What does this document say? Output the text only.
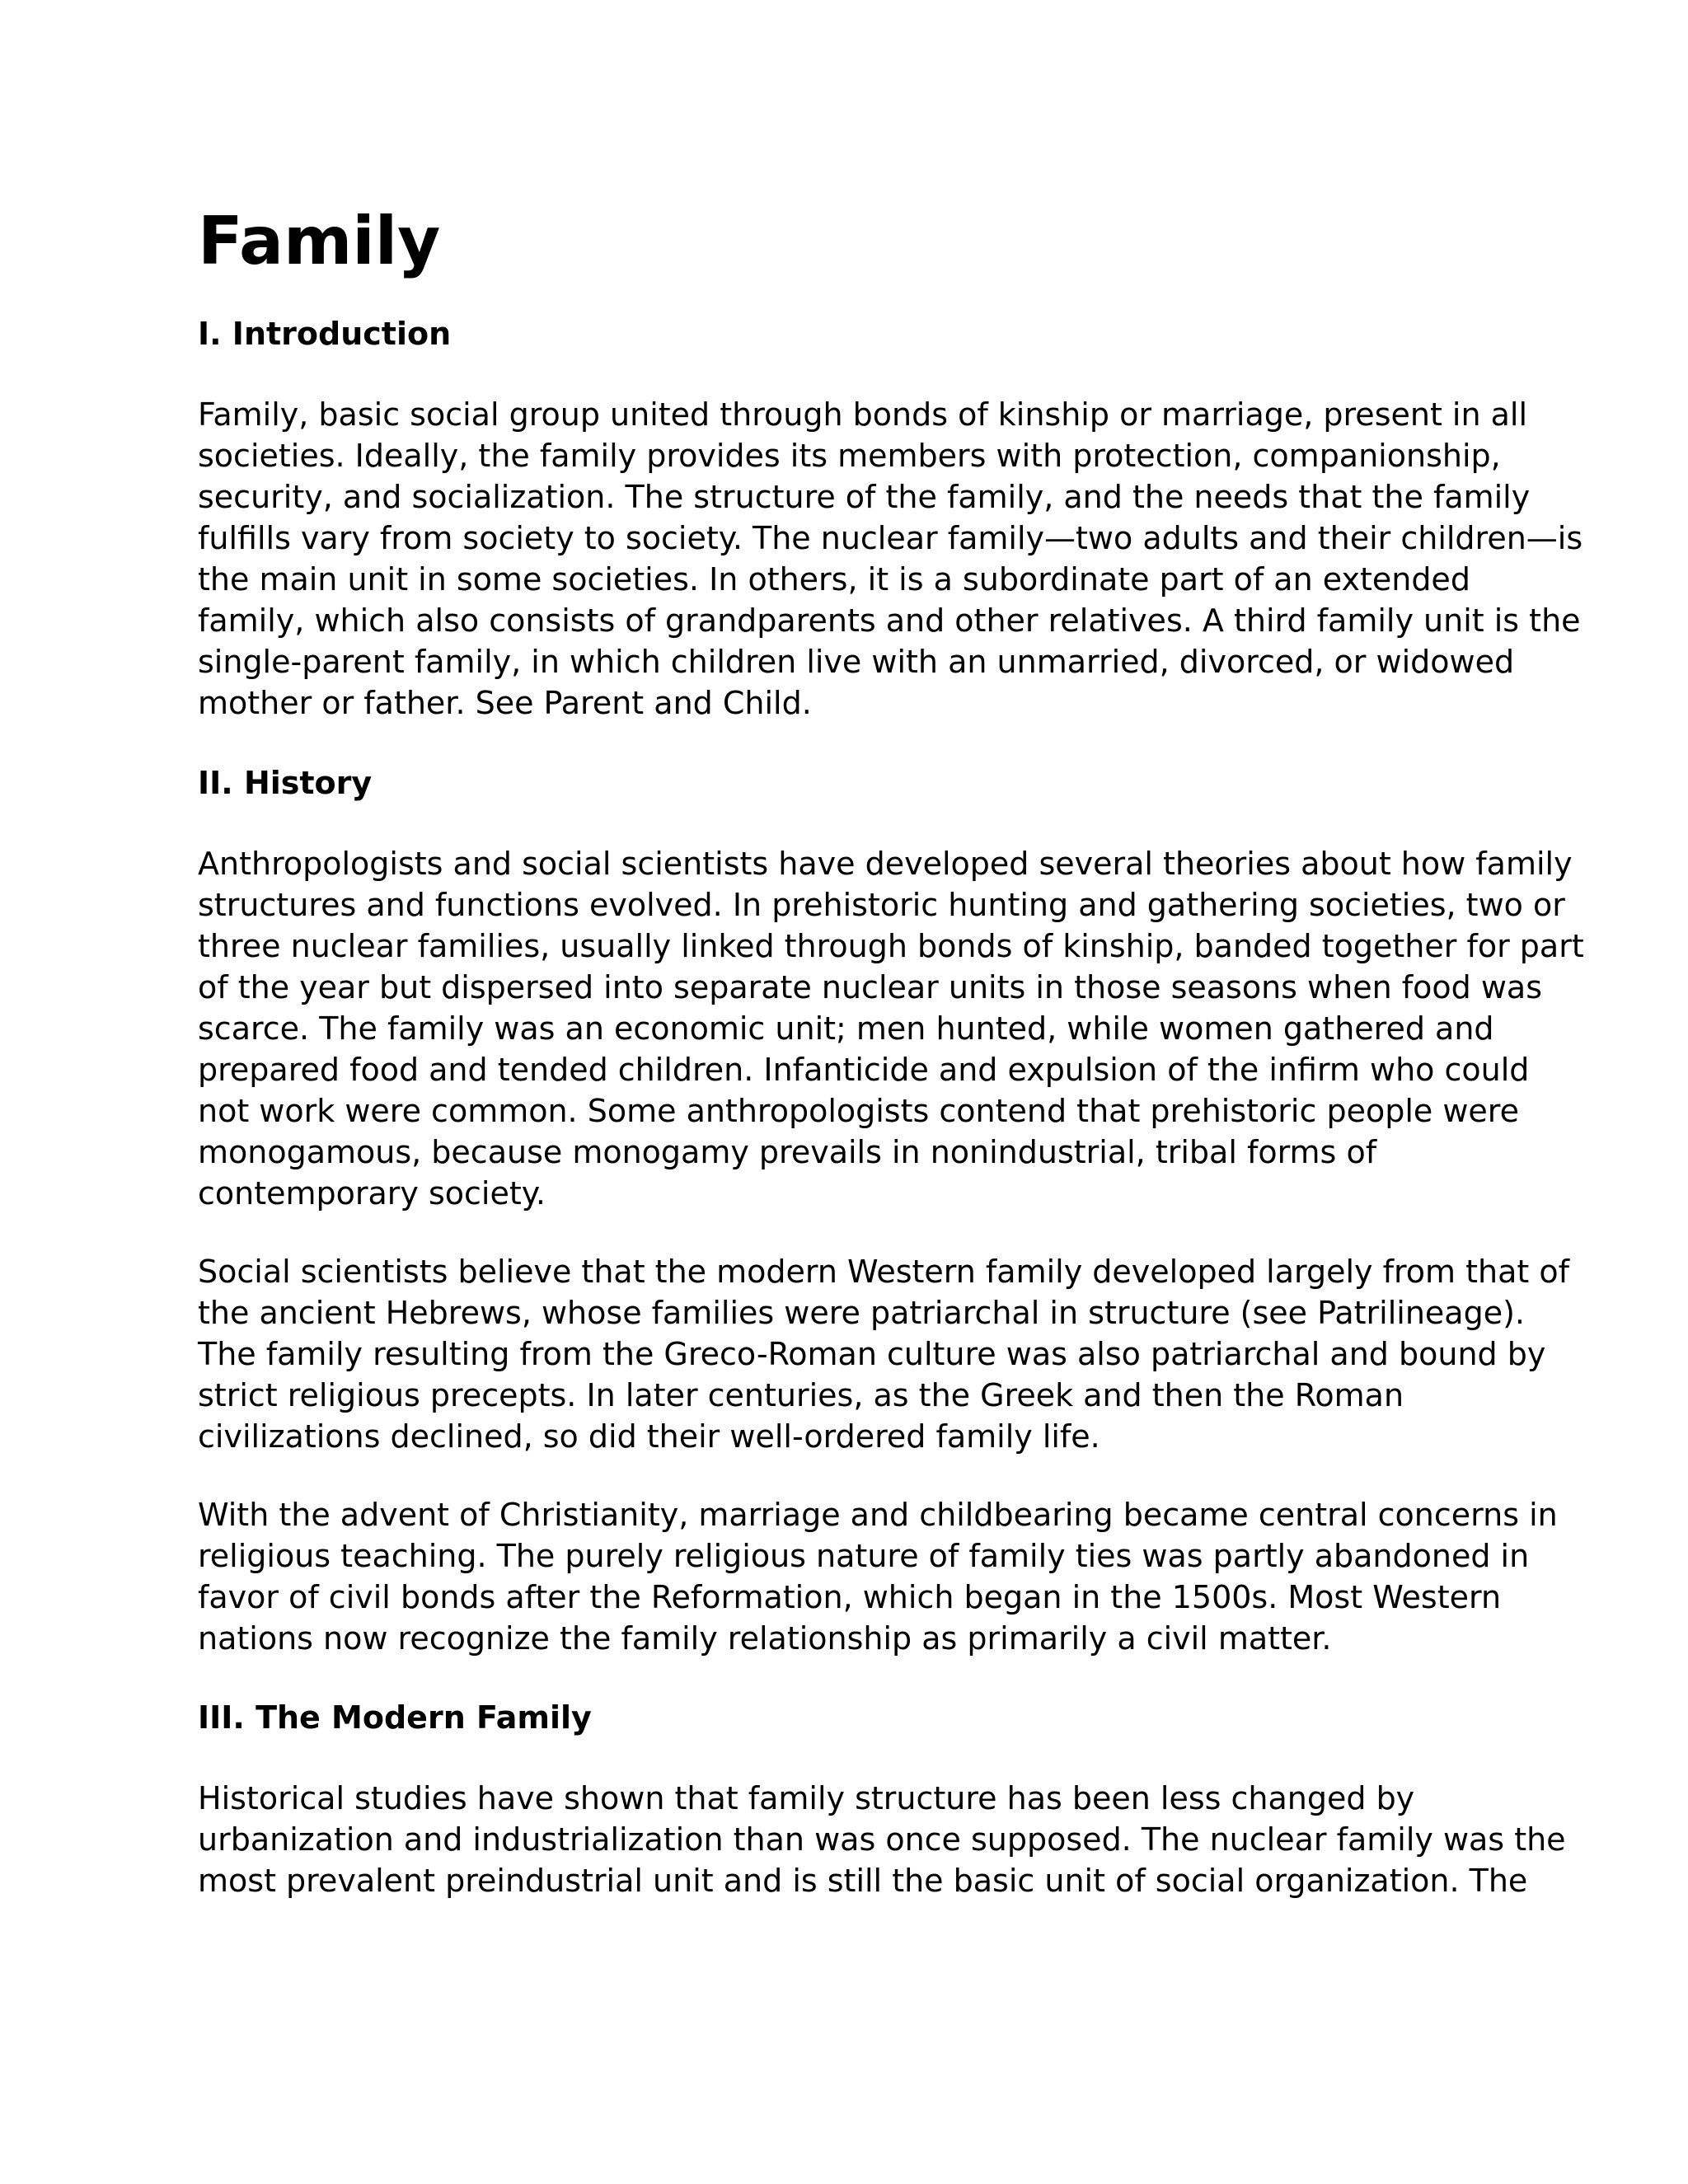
Family
I. Introduction
Family, basic social group united through bonds of kinship or marriage, present in all
societies. Ideally, the family provides its members with protection, companionship,
security, and socialization. The structure of the family, and the needs that the family
fulfills vary from society to society. The nuclear family—two adults and their children—is
the main unit in some societies. In others, it is a subordinate part of an extended
family, which also consists of grandparents and other relatives. A third family unit is the
single-parent family, in which children live with an unmarried, divorced, or widowed
mother or father. See Parent and Child.
II. History
Anthropologists and social scientists have developed several theories about how family
structures and functions evolved. In prehistoric hunting and gathering societies, two or
three nuclear families, usually linked through bonds of kinship, banded together for part
of the year but dispersed into separate nuclear units in those seasons when food was
scarce. The family was an economic unit; men hunted, while women gathered and
prepared food and tended children. Infanticide and expulsion of the infirm who could
not work were common. Some anthropologists contend that prehistoric people were
monogamous, because monogamy prevails in nonindustrial, tribal forms of
contemporary society.
Social scientists believe that the modern Western family developed largely from that of
the ancient Hebrews, whose families were patriarchal in structure (see Patrilineage).
The family resulting from the Greco-Roman culture was also patriarchal and bound by
strict religious precepts. In later centuries, as the Greek and then the Roman
civilizations declined, so did their well-ordered family life.
With the advent of Christianity, marriage and childbearing became central concerns in
religious teaching. The purely religious nature of family ties was partly abandoned in
favor of civil bonds after the Reformation, which began in the 1500s. Most Western
nations now recognize the family relationship as primarily a civil matter.
III. The Modern Family
Historical studies have shown that family structure has been less changed by
urbanization and industrialization than was once supposed. The nuclear family was the
most prevalent preindustrial unit and is still the basic unit of social organization. The
